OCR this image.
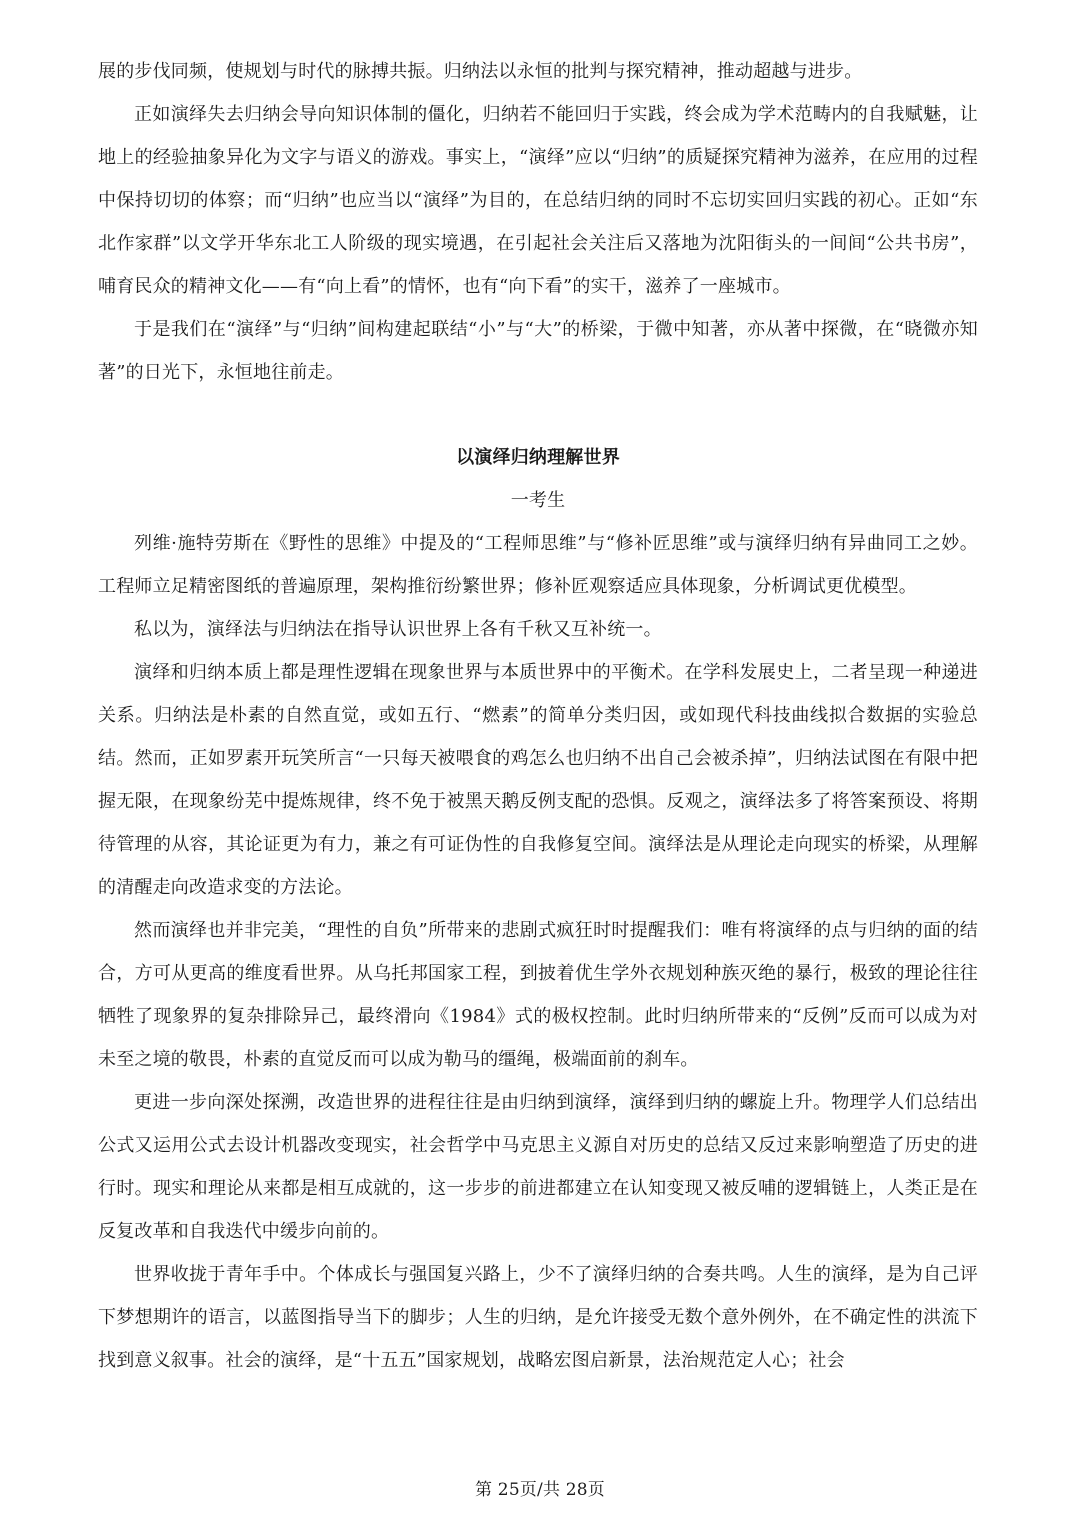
展的步伐同频，使规划与时代的脉搏共振。归纳法以永恒的批判与探究精神，推动超越与进步。

正如演绎失去归纳会导向知识体制的僵化，归纳若不能回归于实践，终会成为学术范畴内的自我赋魅，让地上的经验抽象异化为文字与语义的游戏。事实上，“演绎”应以“归纳”的质疑探究精神为滋养，在应用的过程中保持切切的体察；而“归纳”也应当以“演绎”为目的，在总结归纳的同时不忘切实回归实践的初心。正如“东北作家群”以文学开华东北工人阶级的现实境遇，在引起社会关注后又落地为沈阳街头的一间间“公共书房”，哺育民众的精神文化——有“向上看”的情怀，也有“向下看”的实干，滋养了一座城市。

于是我们在“演绎”与“归纳”间构建起联结“小”与“大”的桥梁，于微中知著，亦从著中探微，在“晓微亦知著”的日光下，永恒地往前走。

以演绎归纳理解世界

一考生

列维·施特劳斯在《野性的思维》中提及的“工程师思维”与“修补匠思维”或与演绎归纳有异曲同工之妙。工程师立足精密图纸的普遍原理，架构推衍纷繁世界；修补匠观察适应具体现象，分析调试更优模型。

私以为，演绎法与归纳法在指导认识世界上各有千秋又互补统一。

演绎和归纳本质上都是理性逻辑在现象世界与本质世界中的平衡术。在学科发展史上，二者呈现一种递进关系。归纳法是朴素的自然直觉，或如五行、“燃素”的简单分类归因，或如现代科技曲线拟合数据的实验总结。然而，正如罗素开玩笑所言“一只每天被喂食的鸡怎么也归纳不出自己会被杀掉”，归纳法试图在有限中把握无限，在现象纷芜中提炼规律，终不免于被黑天鹅反例支配的恐惧。反观之，演绎法多了将答案预设、将期待管理的从容，其论证更为有力，兼之有可证伪性的自我修复空间。演绎法是从理论走向现实的桥梁，从理解的清醒走向改造求变的方法论。

然而演绎也并非完美，“理性的自负”所带来的悲剧式疯狂时时提醒我们：唯有将演绎的点与归纳的面的结合，方可从更高的维度看世界。从乌托邦国家工程，到披着优生学外衣规划种族灭绝的暴行，极致的理论往往牺牲了现象界的复杂排除异己，最终滑向《1984》式的极权控制。此时归纳所带来的“反例”反而可以成为对未至之境的敬畏，朴素的直觉反而可以成为勒马的缰绳，极端面前的刹车。

更进一步向深处探溯，改造世界的进程往往是由归纳到演绎，演绎到归纳的螺旋上升。物理学人们总结出公式又运用公式去设计机器改变现实，社会哲学中马克思主义源自对历史的总结又反过来影响塑造了历史的进行时。现实和理论从来都是相互成就的，这一步步的前进都建立在认知变现又被反哺的逻辑链上，人类正是在反复改革和自我迭代中缓步向前的。

世界收拢于青年手中。个体成长与强国复兴路上，少不了演绎归纳的合奏共鸣。人生的演绎，是为自己评下梦想期许的语言，以蓝图指导当下的脚步；人生的归纳，是允许接受无数个意外例外，在不确定性的洪流下找到意义叙事。社会的演绎，是“十五五”国家规划，战略宏图启新景，法治规范定人心；社会

第 25页/共 28页
